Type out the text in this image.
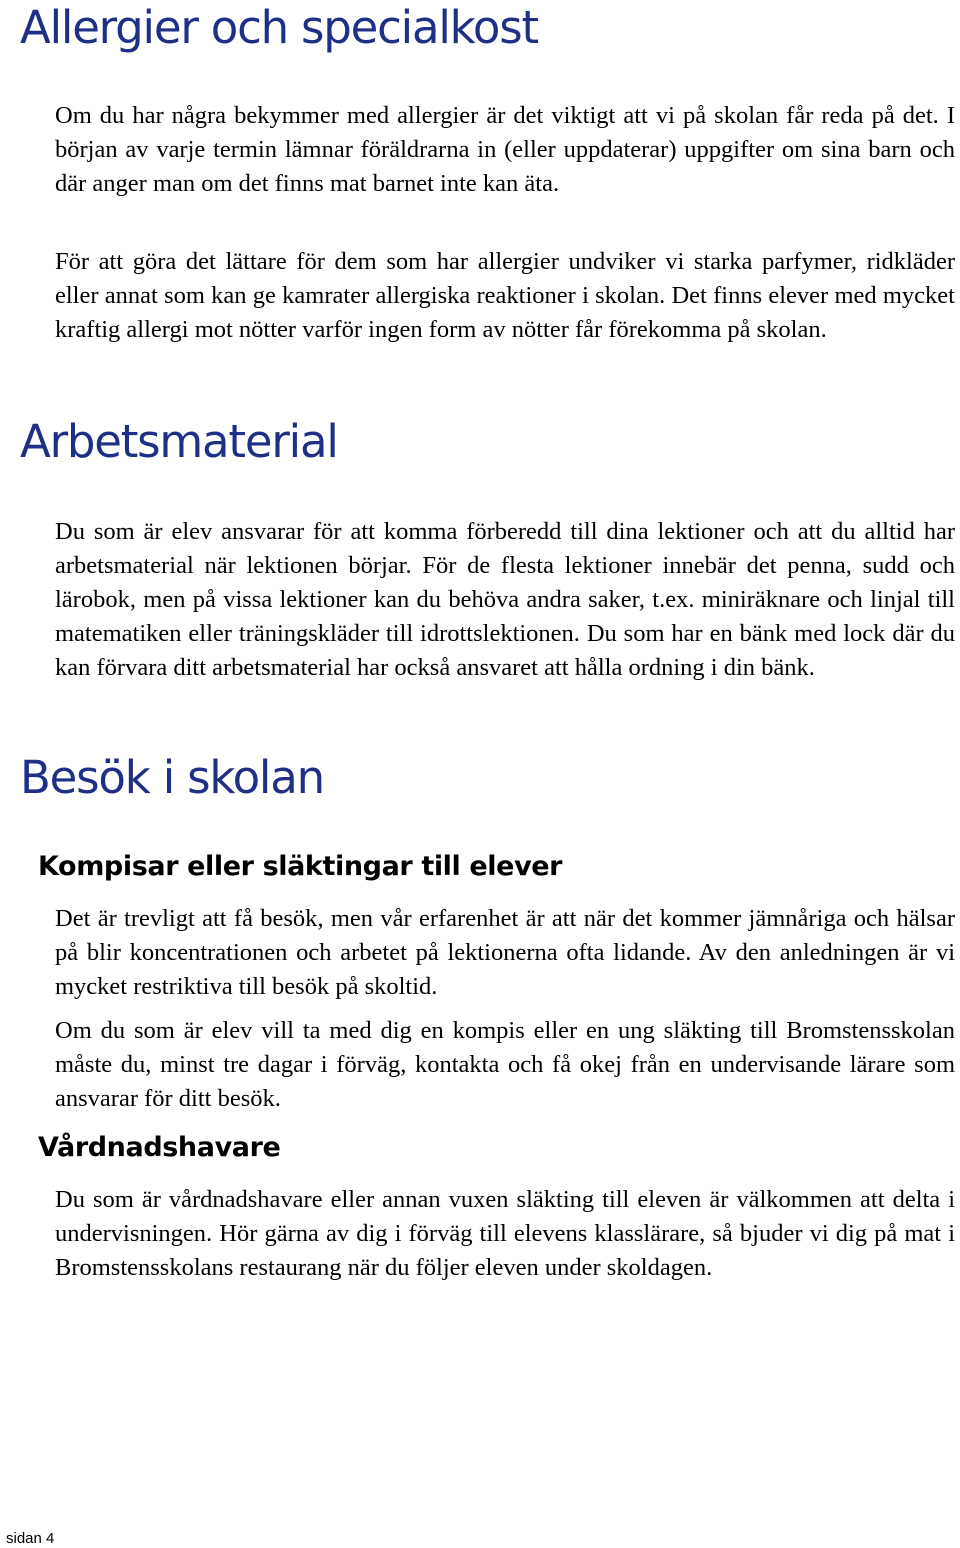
Allergier och specialkost

Om du har några bekymmer med allergier är det viktigt att vi på skolan får reda på det. I början av varje termin lämnar föräldrarna in (eller uppdaterar) uppgifter om sina barn och där anger man om det finns mat barnet inte kan äta.

För att göra det lättare för dem som har allergier undviker vi starka parfymer, ridkläder eller annat som kan ge kamrater allergiska reaktioner i skolan. Det finns elever med mycket kraftig allergi mot nötter varför ingen form av nötter får förekomma på skolan.

Arbetsmaterial

Du som är elev ansvarar för att komma förberedd till dina lektioner och att du alltid har arbetsmaterial när lektionen börjar. För de flesta lektioner innebär det penna, sudd och lärobok, men på vissa lektioner kan du behöva andra saker, t.ex. miniräknare och linjal till matematiken eller träningskläder till idrottslektionen. Du som har en bänk med lock där du kan förvara ditt arbetsmaterial har också ansvaret att hålla ordning i din bänk.

Besök i skolan
Kompisar eller släktingar till elever

Det är trevligt att få besök, men vår erfarenhet är att när det kommer jämnåriga och hälsar på blir koncentrationen och arbetet på lektionerna ofta lidande. Av den anledningen är vi mycket restriktiva till besök på skoltid.

Om du som är elev vill ta med dig en kompis eller en ung släkting till Bromstensskolan måste du, minst tre dagar i förväg, kontakta och få okej från en undervisande lärare som ansvarar för ditt besök.

Vårdnadshavare

Du som är vårdnadshavare eller annan vuxen släkting till eleven är välkommen att delta i undervisningen. Hör gärna av dig i förväg till elevens klasslärare, så bjuder vi dig på mat i Bromstensskolans restaurang när du följer eleven under skoldagen.

sidan 4
